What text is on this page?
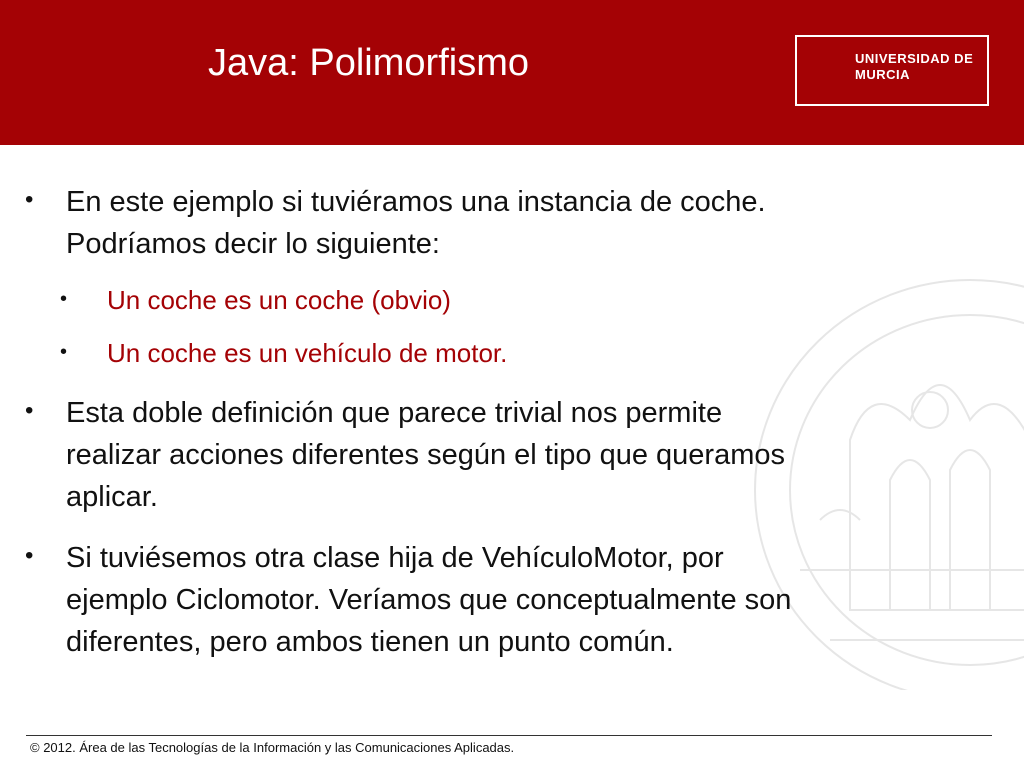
Java: Polimorfismo	UNIVERSIDAD DE
MURCIA
• En este ejemplo si tuviéramos una instancia de coche.
Podríamos decir lo siguiente:
• Un coche es un coche (obvio)
• Un coche es un vehículo de motor.
• Esta doble definición que parece trivial nos permite
realizar acciones diferentes según el tipo que queramos
aplicar.
• Si tuviésemos otra clase hija de VehículoMotor, por
ejemplo Ciclomotor. Veríamos que conceptualmente son
diferentes, pero ambos tienen un punto común.
© 2012. Área de las Tecnologías de la Información y las Comunicaciones Aplicadas.
